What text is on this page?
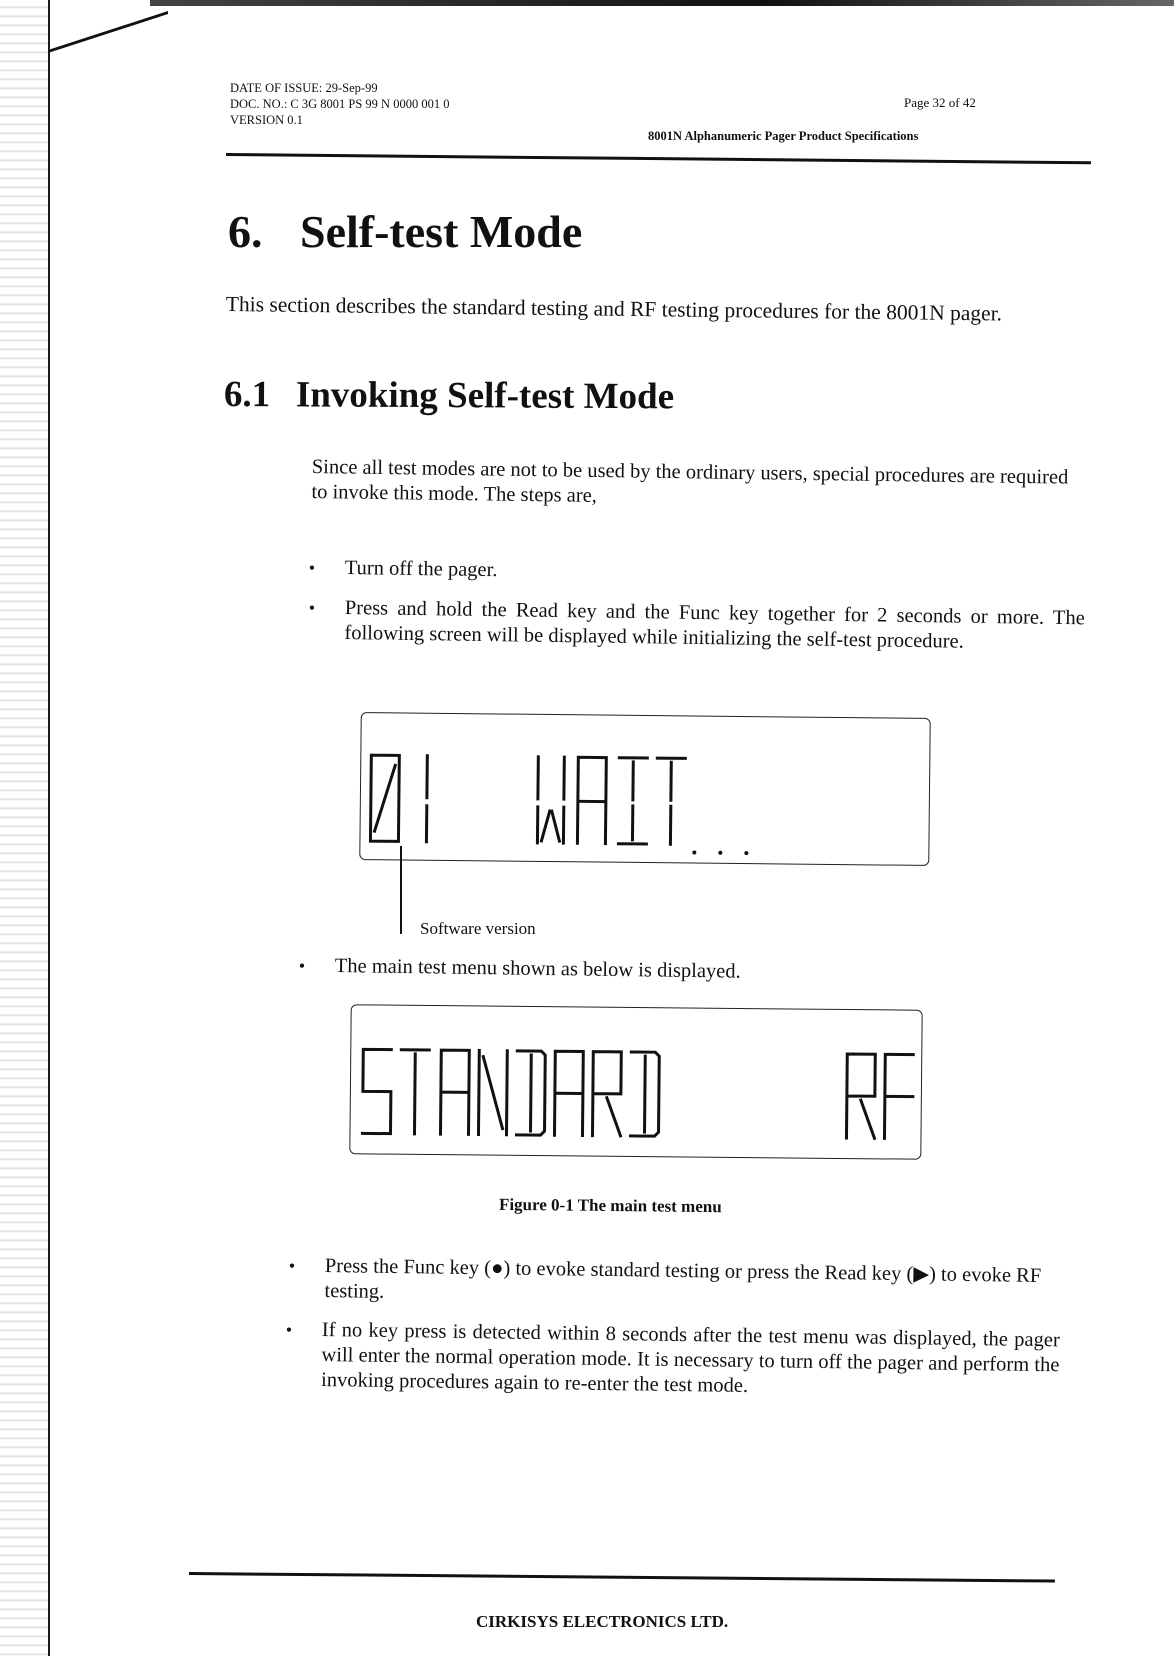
DATE OF ISSUE: 29-Sep-99
DOC. NO.: C 3G 8001 PS 99 N 0000 001 0
VERSION 0.1
Page 32 of 42
8001N Alphanumeric Pager Product Specifications
6. Self-test Mode
This section describes the standard testing and RF testing procedures for the 8001N pager.
6.1 Invoking Self-test Mode
Since all test modes are not to be used by the ordinary users, special procedures are required to invoke this mode. The steps are,
• Turn off the pager.
• Press and hold the Read key and the Func key together for 2 seconds or more. The following screen will be displayed while initializing the self-test procedure.
Software version
• The main test menu shown as below is displayed.
Figure 0-1 The main test menu
• Press the Func key (●) to evoke standard testing or press the Read key (▶) to evoke RF testing.
• If no key press is detected within 8 seconds after the test menu was displayed, the pager will enter the normal operation mode. It is necessary to turn off the pager and perform the invoking procedures again to re-enter the test mode.
CIRKISYS ELECTRONICS LTD.
